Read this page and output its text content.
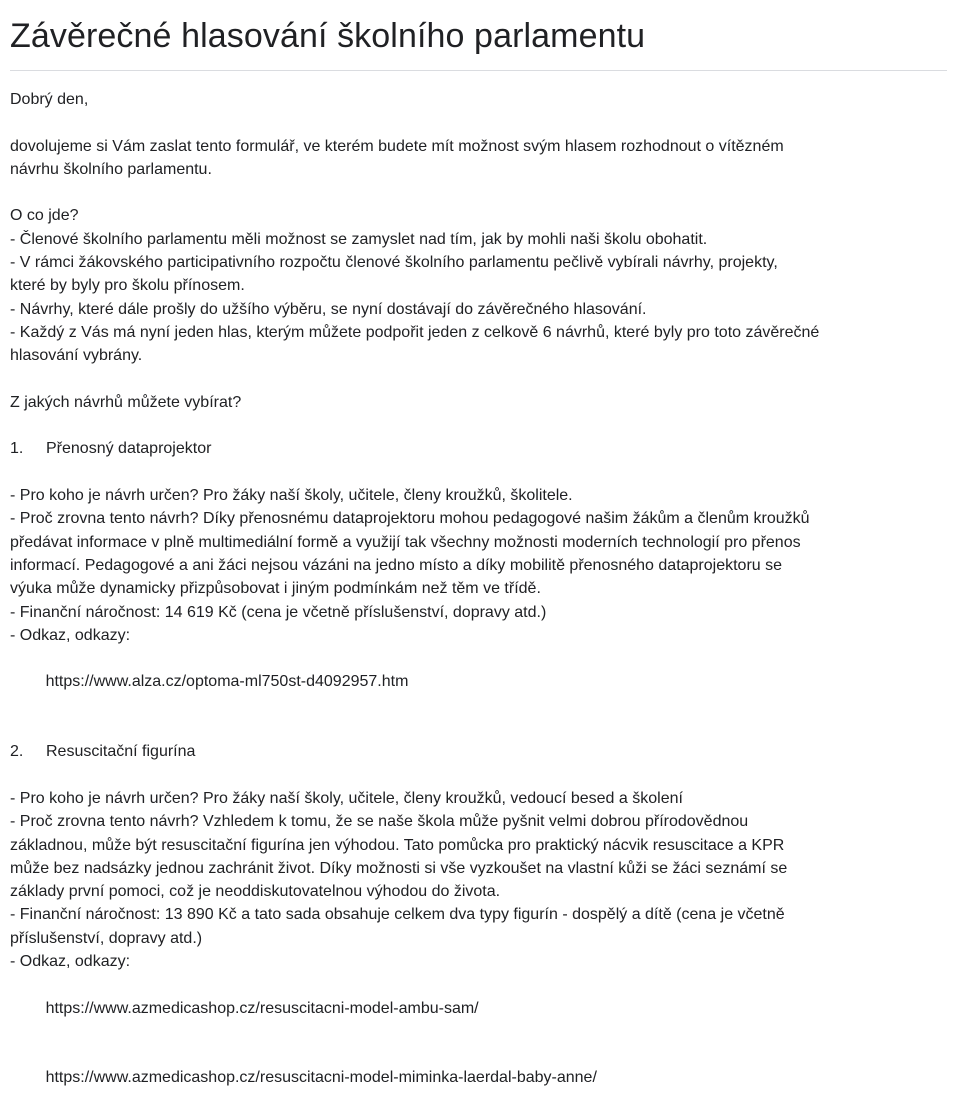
Závěrečné hlasování školního parlamentu

Dobrý den,

dovolujeme si Vám zaslat tento formulář, ve kterém budete mít možnost svým hlasem rozhodnout o vítězném

návrhu školního parlamentu.

O co jde?

- Členové školního parlamentu měli možnost se zamyslet nad tím, jak by mohli naši školu obohatit.

- V rámci žákovského participativního rozpočtu členové školního parlamentu pečlivě vybírali návrhy, projekty,

které by byly pro školu přínosem.

- Návrhy, které dále prošly do užšího výběru, se nyní dostávají do závěrečného hlasování.

- Každý z Vás má nyní jeden hlas, kterým můžete podpořit jeden z celkově 6 návrhů, které byly pro toto závěrečné

hlasování vybrány.

Z jakých návrhů můžete vybírat?

1.	Přenosný dataprojektor

- Pro koho je návrh určen? Pro žáky naší školy, učitele, členy kroužků, školitele.

- Proč zrovna tento návrh? Díky přenosnému dataprojektoru mohou pedagogové našim žákům a členům kroužků

předávat informace v plně multimediální formě a využijí tak všechny možnosti moderních technologií pro přenos

informací. Pedagogové a ani žáci nejsou vázáni na jedno místo a díky mobilitě přenosného dataprojektoru se

výuka může dynamicky přizpůsobovat i jiným podmínkám než těm ve třídě.

- Finanční náročnost: 14 619 Kč (cena je včetně příslušenství, dopravy atd.)

- Odkaz, odkazy:

https://www.alza.cz/optoma-ml750st-d4092957.htm

2.	Resuscitační figurína

- Pro koho je návrh určen? Pro žáky naší školy, učitele, členy kroužků, vedoucí besed a školení

- Proč zrovna tento návrh? Vzhledem k tomu, že se naše škola může pyšnit velmi dobrou přírodovědnou

základnou, může být resuscitační figurína jen výhodou. Tato pomůcka pro praktický nácvik resuscitace a KPR

může bez nadsázky jednou zachránit život. Díky možnosti si vše vyzkoušet na vlastní kůži se žáci seznámí se

základy první pomoci, což je neoddiskutovatelnou výhodou do života.

- Finanční náročnost: 13 890 Kč a tato sada obsahuje celkem dva typy figurín - dospělý a dítě (cena je včetně

příslušenství, dopravy atd.)

- Odkaz, odkazy:

https://www.azmedicashop.cz/resuscitacni-model-ambu-sam/

https://www.azmedicashop.cz/resuscitacni-model-miminka-laerdal-baby-anne/
